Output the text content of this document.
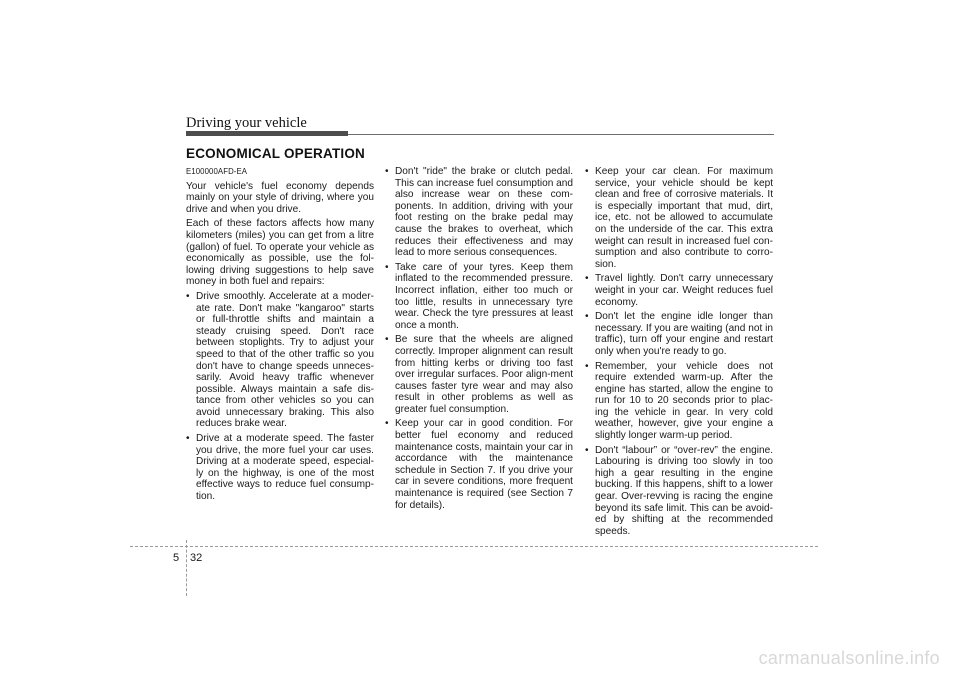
Driving your vehicle
ECONOMICAL OPERATION
E100000AFD-EA

Your vehicle's fuel economy depends mainly on your style of driving, where you drive and when you drive.

Each of these factors affects how many kilometers (miles) you can get from a litre (gallon) of fuel. To operate your vehicle as economically as possible, use the fol-lowing driving suggestions to help save money in both fuel and repairs:

• Drive smoothly. Accelerate at a moder-ate rate. Don't make "kangaroo" starts or full-throttle shifts and maintain a steady cruising speed. Don't race between stoplights. Try to adjust your speed to that of the other traffic so you don't have to change speeds unneces-sarily. Avoid heavy traffic whenever possible. Always maintain a safe dis-tance from other vehicles so you can avoid unnecessary braking. This also reduces brake wear.
• Drive at a moderate speed. The faster you drive, the more fuel your car uses. Driving at a moderate speed, especial-ly on the highway, is one of the most effective ways to reduce fuel consump-tion.
• Don't "ride" the brake or clutch pedal. This can increase fuel consumption and also increase wear on these com-ponents. In addition, driving with your foot resting on the brake pedal may cause the brakes to overheat, which reduces their effectiveness and may lead to more serious consequences.
• Take care of your tyres. Keep them inflated to the recommended pressure. Incorrect inflation, either too much or too little, results in unnecessary tyre wear. Check the tyre pressures at least once a month.
• Be sure that the wheels are aligned correctly. Improper alignment can result from hitting kerbs or driving too fast over irregular surfaces. Poor align-ment causes faster tyre wear and may also result in other problems as well as greater fuel consumption.
• Keep your car in good condition. For better fuel economy and reduced maintenance costs, maintain your car in accordance with the maintenance schedule in Section 7. If you drive your car in severe conditions, more frequent maintenance is required (see Section 7 for details).
• Keep your car clean. For maximum service, your vehicle should be kept clean and free of corrosive materials. It is especially important that mud, dirt, ice, etc. not be allowed to accumulate on the underside of the car. This extra weight can result in increased fuel con-sumption and also contribute to corro-sion.
• Travel lightly. Don't carry unnecessary weight in your car. Weight reduces fuel economy.
• Don't let the engine idle longer than necessary. If you are waiting (and not in traffic), turn off your engine and restart only when you're ready to go.
• Remember, your vehicle does not require extended warm-up. After the engine has started, allow the engine to run for 10 to 20 seconds prior to plac-ing the vehicle in gear. In very cold weather, however, give your engine a slightly longer warm-up period.
• Don't “labour” or “over-rev” the engine. Labouring is driving too slowly in too high a gear resulting in the engine bucking. If this happens, shift to a lower gear. Over-revving is racing the engine beyond its safe limit. This can be avoid-ed by shifting at the recommended speeds.
5 32
carmanualsonline.info
